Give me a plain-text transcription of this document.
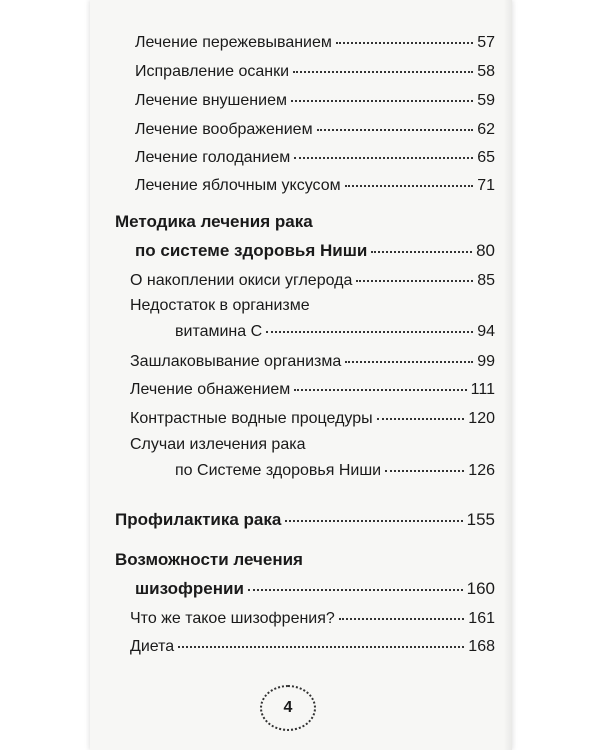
Лечение пережевыванием	57
Исправление осанки	58
Лечение внушением	59
Лечение воображением	62
Лечение голоданием	65
Лечение яблочным уксусом	71
Методика лечения рака
по системе здоровья Ниши	80
О накоплении окиси углерода	85
Недостаток в организме
витамина С	94
Зашлаковывание организма	99
Лечение обнажением	111
Контрастные водные процедуры	120
Случаи излечения рака
по Системе здоровья Ниши	126
Профилактика рака	155
Возможности лечения
шизофрении	160
Что же такое шизофрения?	161
Диета	168
4
